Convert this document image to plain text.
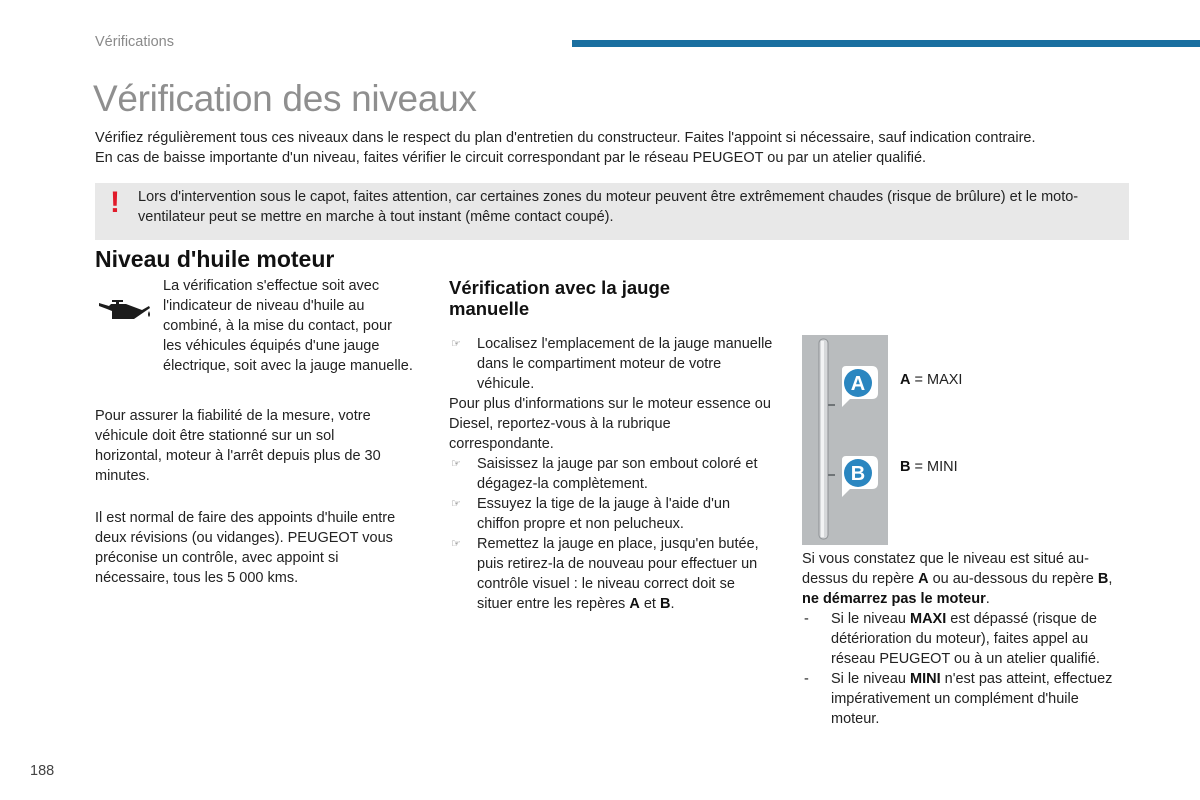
Vérifications
Vérification des niveaux
Vérifiez régulièrement tous ces niveaux dans le respect du plan d'entretien du constructeur. Faites l'appoint si nécessaire, sauf indication contraire.
En cas de baisse importante d'un niveau, faites vérifier le circuit correspondant par le réseau PEUGEOT ou par un atelier qualifié.
! Lors d'intervention sous le capot, faites attention, car certaines zones du moteur peuvent être extrêmement chaudes (risque de brûlure) et le moto-ventilateur peut se mettre en marche à tout instant (même contact coupé).
Niveau d'huile moteur

La vérification s'effectue soit avec l'indicateur de niveau d'huile au combiné, à la mise du contact, pour les véhicules équipés d'une jauge électrique, soit avec la jauge manuelle.

Pour assurer la fiabilité de la mesure, votre véhicule doit être stationné sur un sol horizontal, moteur à l'arrêt depuis plus de 30 minutes.

Il est normal de faire des appoints d'huile entre deux révisions (ou vidanges). PEUGEOT vous préconise un contrôle, avec appoint si nécessaire, tous les 5 000 kms.

Vérification avec la jauge manuelle

☞ Localisez l'emplacement de la jauge manuelle dans le compartiment moteur de votre véhicule.

Pour plus d'informations sur le moteur essence ou Diesel, reportez-vous à la rubrique correspondante.

☞ Saisissez la jauge par son embout coloré et dégagez-la complètement.

☞ Essuyez la tige de la jauge à l'aide d'un chiffon propre et non pelucheux.

☞ Remettez la jauge en place, jusqu'en butée, puis retirez-la de nouveau pour effectuer un contrôle visuel : le niveau correct doit se situer entre les repères A et B.

A
B
A = MAXI
B = MINI

Si vous constatez que le niveau est situé au-dessus du repère A ou au-dessous du repère B, ne démarrez pas le moteur.

- Si le niveau MAXI est dépassé (risque de détérioration du moteur), faites appel au réseau PEUGEOT ou à un atelier qualifié.

- Si le niveau MINI n'est pas atteint, effectuez impérativement un complément d'huile moteur.

188
